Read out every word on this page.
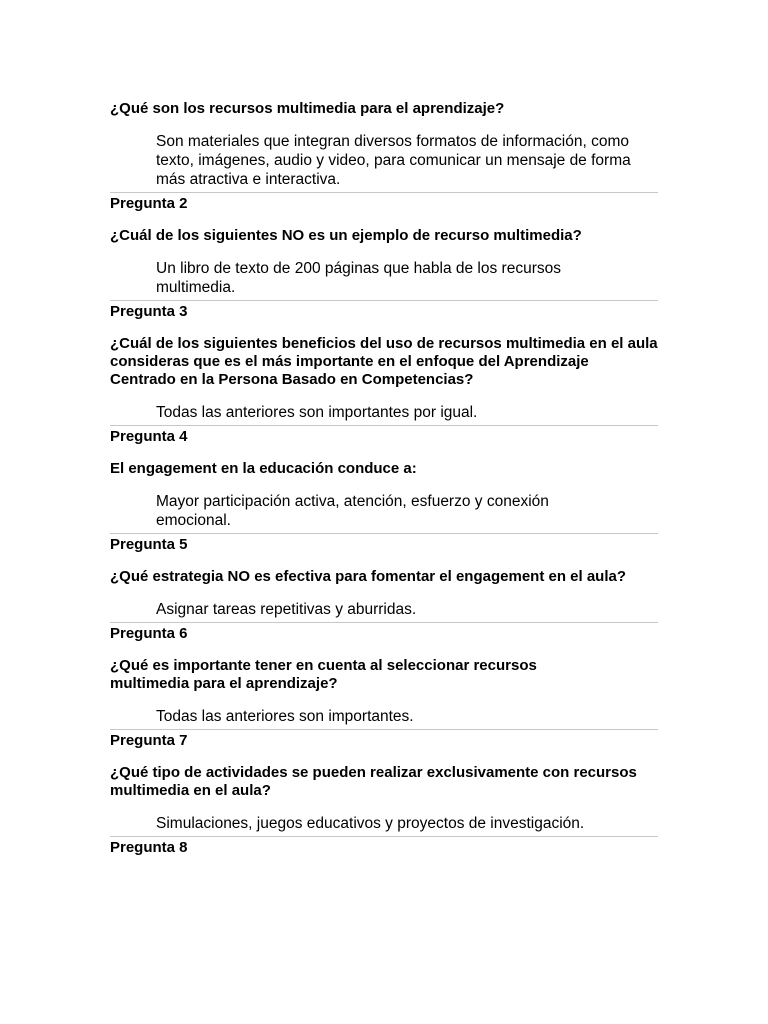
¿Qué son los recursos multimedia para el aprendizaje?

Son materiales que integran diversos formatos de información, como texto, imágenes, audio y video, para comunicar un mensaje de forma más atractiva e interactiva.

Pregunta 2

¿Cuál de los siguientes NO es un ejemplo de recurso multimedia?

Un libro de texto de 200 páginas que habla de los recursos multimedia.

Pregunta 3

¿Cuál de los siguientes beneficios del uso de recursos multimedia en el aula consideras que es el más importante en el enfoque del Aprendizaje Centrado en la Persona Basado en Competencias?

Todas las anteriores son importantes por igual.

Pregunta 4

El engagement en la educación conduce a:

Mayor participación activa, atención, esfuerzo y conexión emocional.

Pregunta 5

¿Qué estrategia NO es efectiva para fomentar el engagement en el aula?

Asignar tareas repetitivas y aburridas.

Pregunta 6

¿Qué es importante tener en cuenta al seleccionar recursos multimedia para el aprendizaje?

Todas las anteriores son importantes.

Pregunta 7

¿Qué tipo de actividades se pueden realizar exclusivamente con recursos multimedia en el aula?

Simulaciones, juegos educativos y proyectos de investigación.

Pregunta 8
